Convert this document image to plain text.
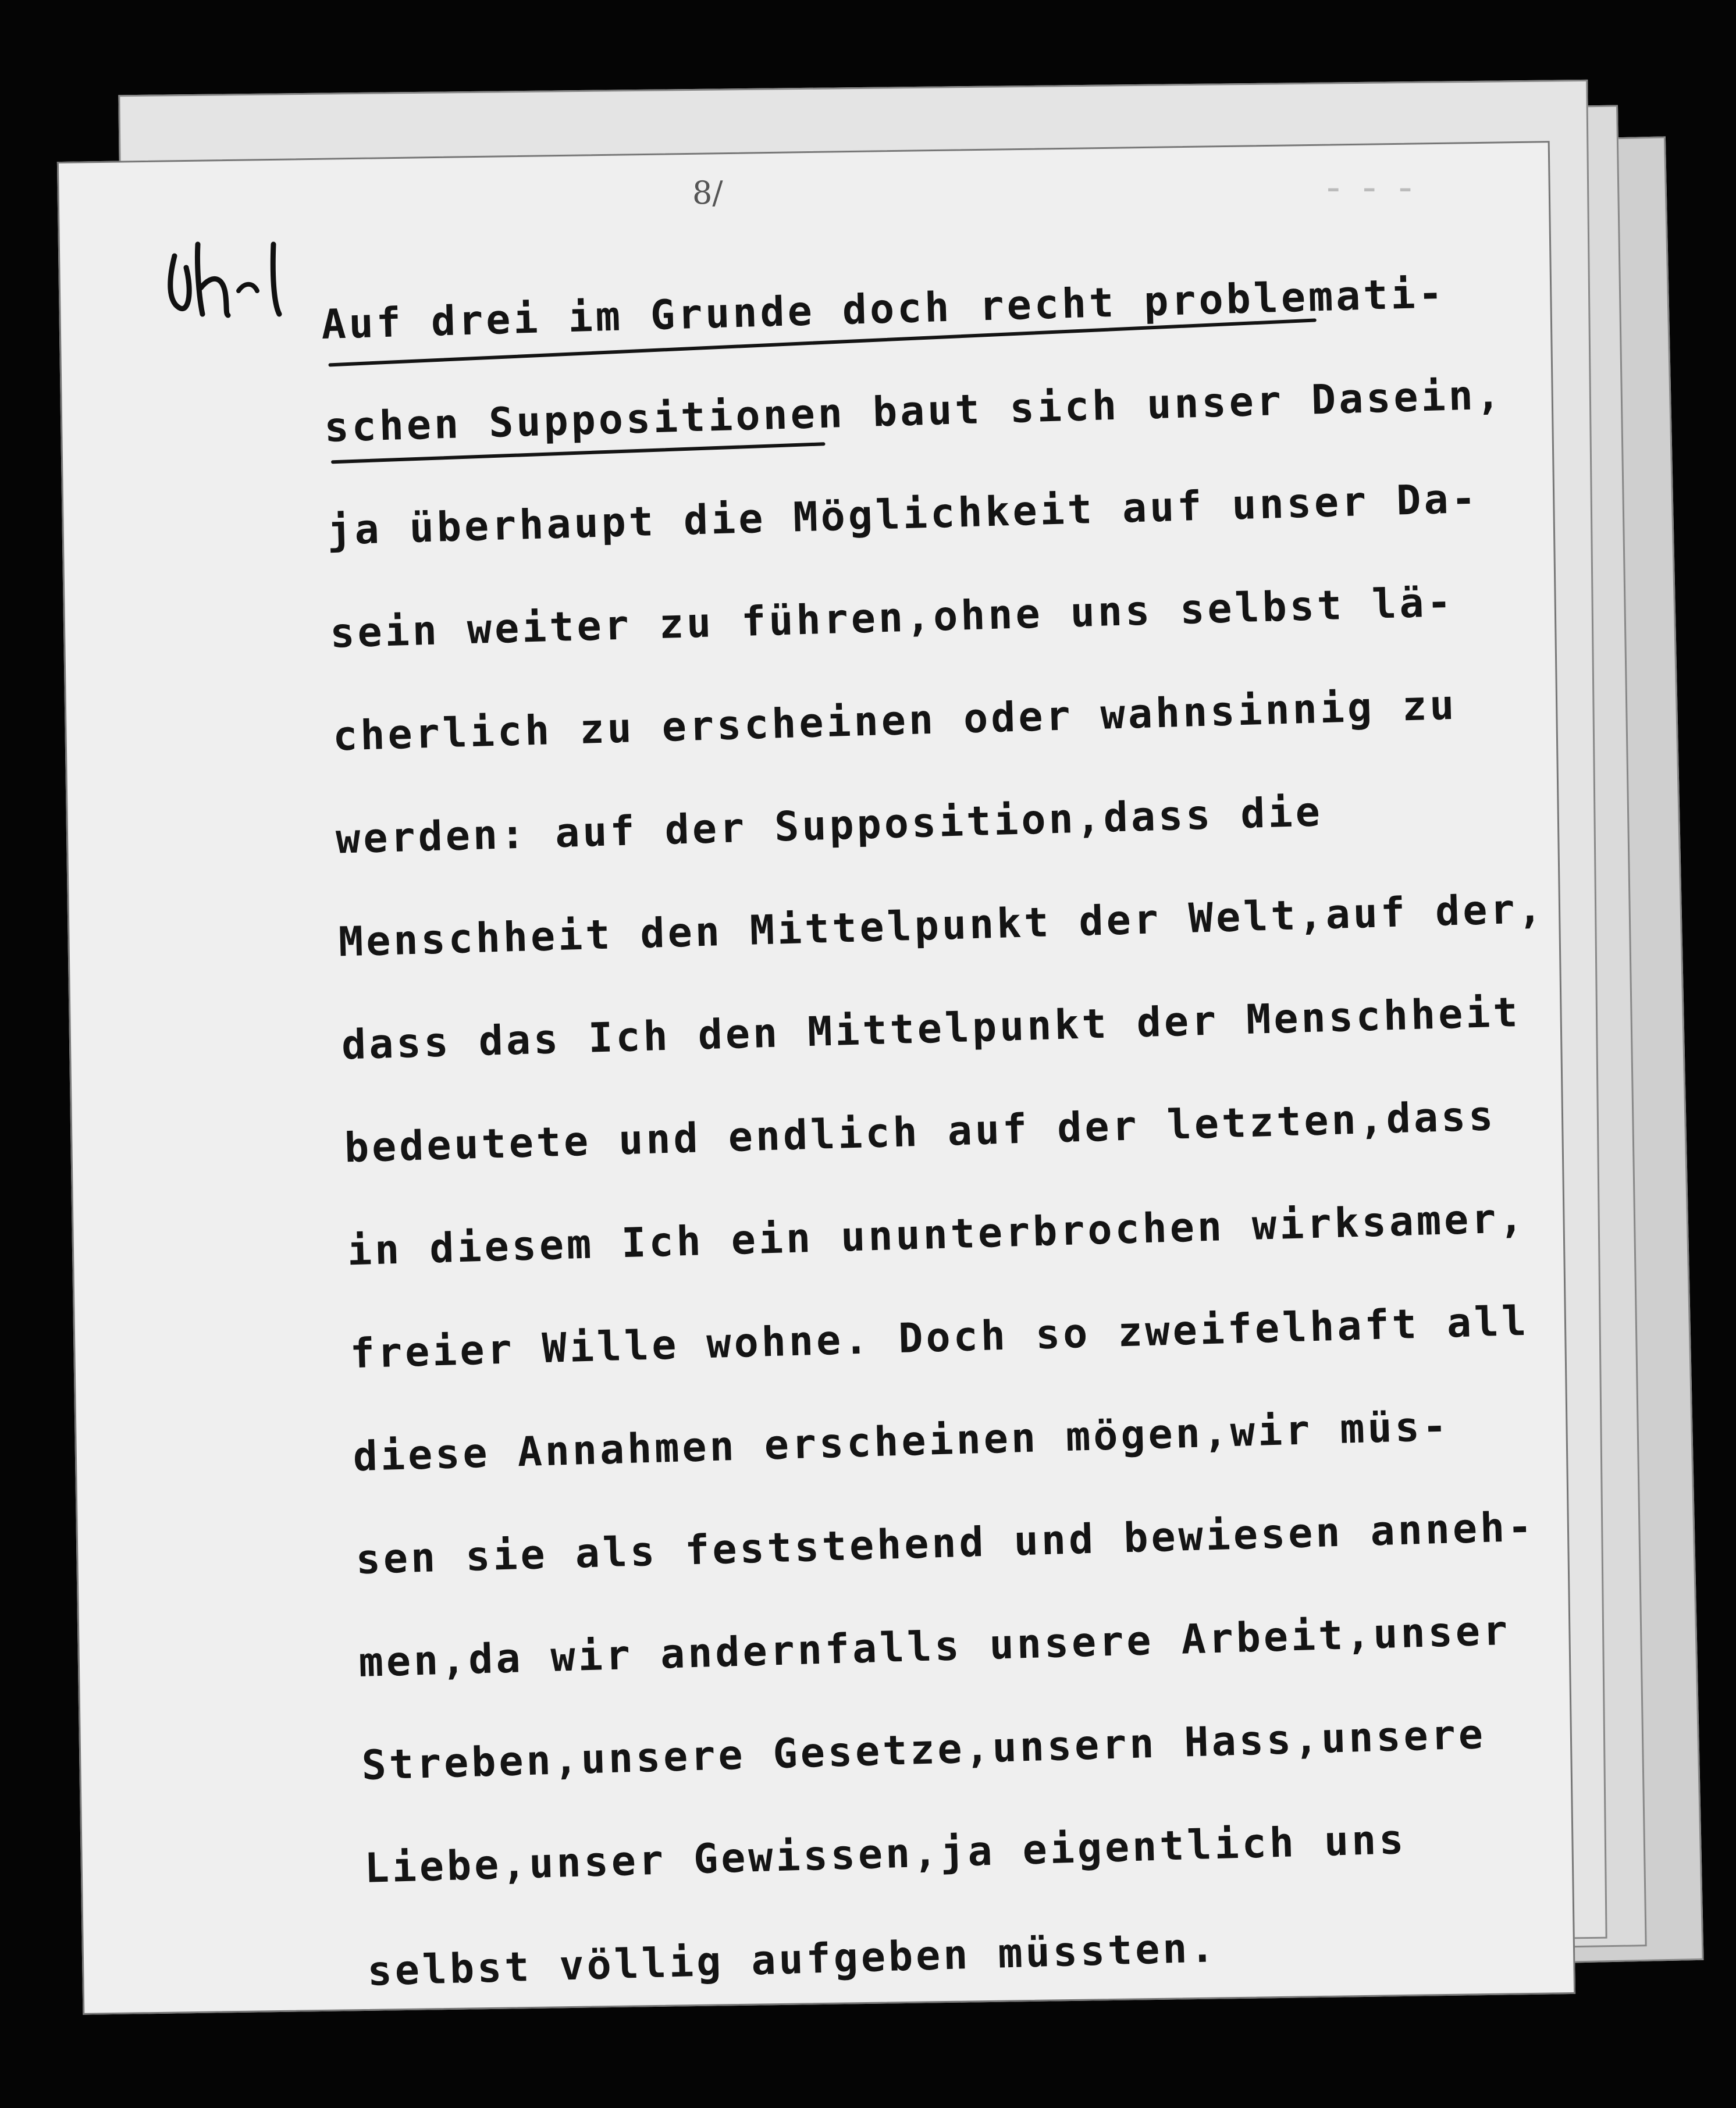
8/	- - -
Auf drei im Grunde doch recht problemati-
schen Suppositionen baut sich unser Dasein,
ja überhaupt die Möglichkeit auf unser Da-
sein weiter zu führen,ohne uns selbst lä-
cherlich zu erscheinen oder wahnsinnig zu
werden: auf der Supposition,dass die
Menschheit den Mittelpunkt der Welt,auf der,
dass das Ich den Mittelpunkt der Menschheit
bedeutete und endlich auf der letzten,dass
in diesem Ich ein ununterbrochen wirksamer,
freier Wille wohne. Doch so zweifelhaft all
diese Annahmen erscheinen mögen,wir müs-
sen sie als feststehend und bewiesen anneh-
men,da wir andernfalls unsere Arbeit,unser
Streben,unsere Gesetze,unsern Hass,unsere
Liebe,unser Gewissen,ja eigentlich uns
selbst völlig aufgeben müssten.
